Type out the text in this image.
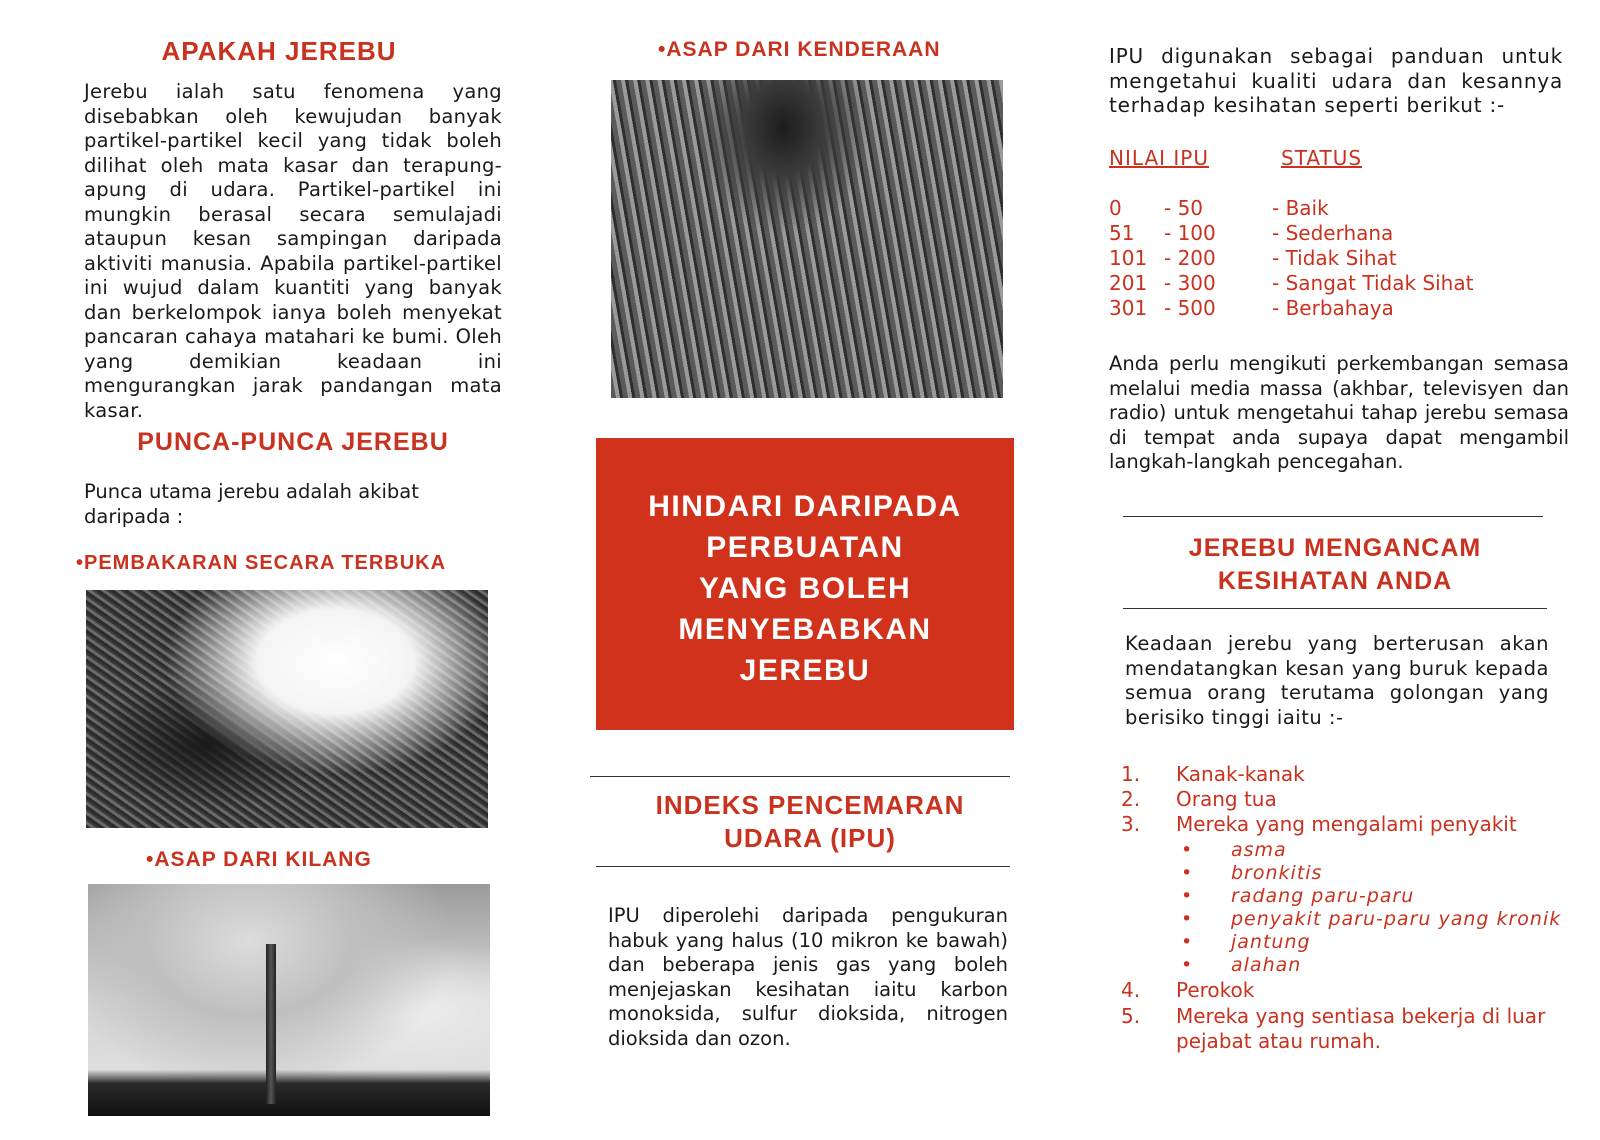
APAKAH JEREBU

Jerebu ialah satu fenomena yang disebabkan oleh kewujudan banyak partikel-partikel kecil yang tidak boleh dilihat oleh mata kasar dan terapung-apung di udara. Partikel-partikel ini mungkin berasal secara semulajadi ataupun kesan sampingan daripada aktiviti manusia. Apabila partikel-partikel ini wujud dalam kuantiti yang banyak dan berkelompok ianya boleh menyekat pancaran cahaya matahari ke bumi. Oleh yang demikian keadaan ini mengurangkan jarak pandangan mata kasar.

PUNCA-PUNCA JEREBU

Punca utama jerebu adalah akibat daripada :

•PEMBAKARAN SECARA TERBUKA
•ASAP DARI KILANG
•ASAP DARI KENDERAAN
HINDARI DARIPADA
PERBUATAN
YANG BOLEH
MENYEBABKAN
JEREBU
INDEKS PENCEMARAN
UDARA (IPU)

IPU diperolehi daripada pengukuran habuk yang halus (10 mikron ke bawah) dan beberapa jenis gas yang boleh menjejaskan kesihatan iaitu karbon monoksida, sulfur dioksida, nitrogen dioksida dan ozon.

IPU digunakan sebagai panduan untuk mengetahui kualiti udara dan kesannya terhadap kesihatan seperti berikut :-

NILAI IPU	STATUS
0 - 50	- Baik
51 - 100	- Sederhana
101 - 200	- Tidak Sihat
201 - 300	- Sangat Tidak Sihat
301 - 500	- Berbahaya

Anda perlu mengikuti perkembangan semasa melalui media massa (akhbar, televisyen dan radio) untuk mengetahui tahap jerebu semasa di tempat anda supaya dapat mengambil langkah-langkah pencegahan.

JEREBU MENGANCAM
KESIHATAN ANDA

Keadaan jerebu yang berterusan akan mendatangkan kesan yang buruk kepada semua orang terutama golongan yang berisiko tinggi iaitu :-

1. Kanak-kanak
2. Orang tua
3. Mereka yang mengalami penyakit
• asma
• bronkitis
• radang paru-paru
• penyakit paru-paru yang kronik
• jantung
• alahan
4. Perokok
5. Mereka yang sentiasa bekerja di luar
pejabat atau rumah.
